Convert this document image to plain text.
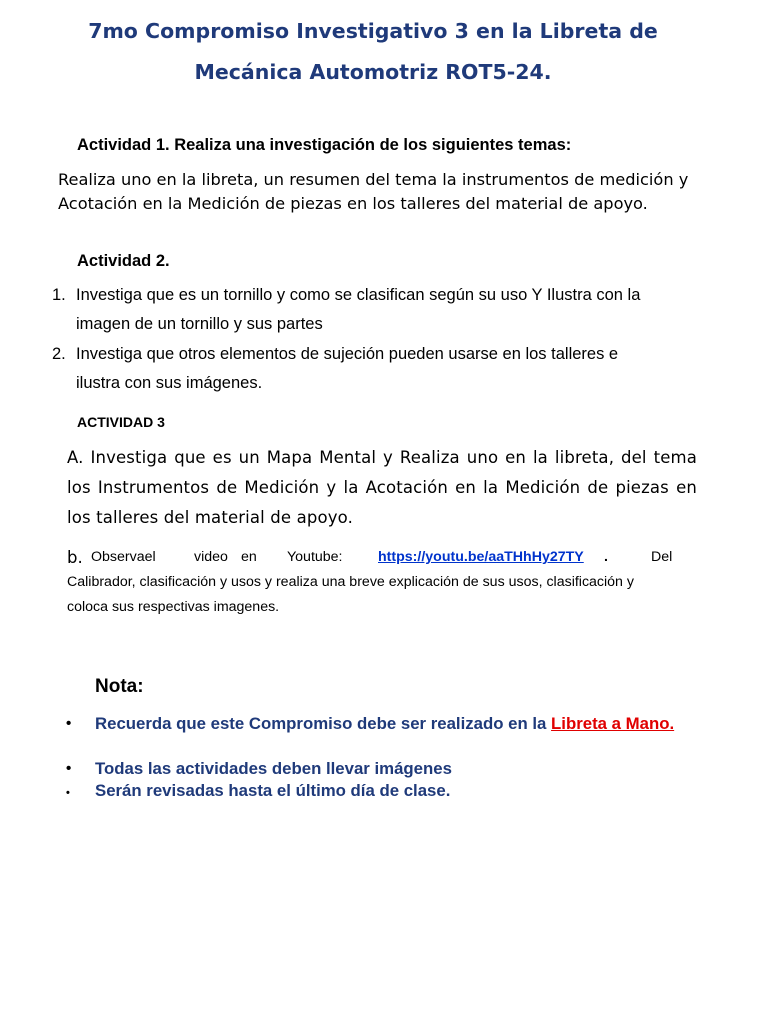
7mo Compromiso Investigativo 3 en la Libreta de
Mecánica Automotriz ROT5-24.
Actividad 1. Realiza una investigación de los siguientes temas:
Realiza uno en la libreta, un resumen del tema la instrumentos de medición y Acotación en la Medición de piezas en los talleres del material de apoyo.
Actividad 2.
1. Investiga que es un tornillo y como se clasifican según su uso Y Ilustra con la
imagen de un tornillo y sus partes
2. Investiga que otros elementos de sujeción pueden usarse en los talleres e
ilustra con sus imágenes.
ACTIVIDAD 3
A. Investiga que es un Mapa Mental y Realiza uno en la libreta, del tema los Instrumentos de Medición y la Acotación en la Medición de piezas en los talleres del material de apoyo.
b. Observael	video en Youtube:	https://youtu.be/aaTHhHy27TY .	Del
Calibrador, clasificación y usos y realiza una breve explicación de sus usos, clasificación y
coloca sus respectivas imagenes.
Nota:
• Recuerda que este Compromiso debe ser realizado en la Libreta a Mano.
• Todas las actividades deben llevar imágenes
• Serán revisadas hasta el último día de clase.
